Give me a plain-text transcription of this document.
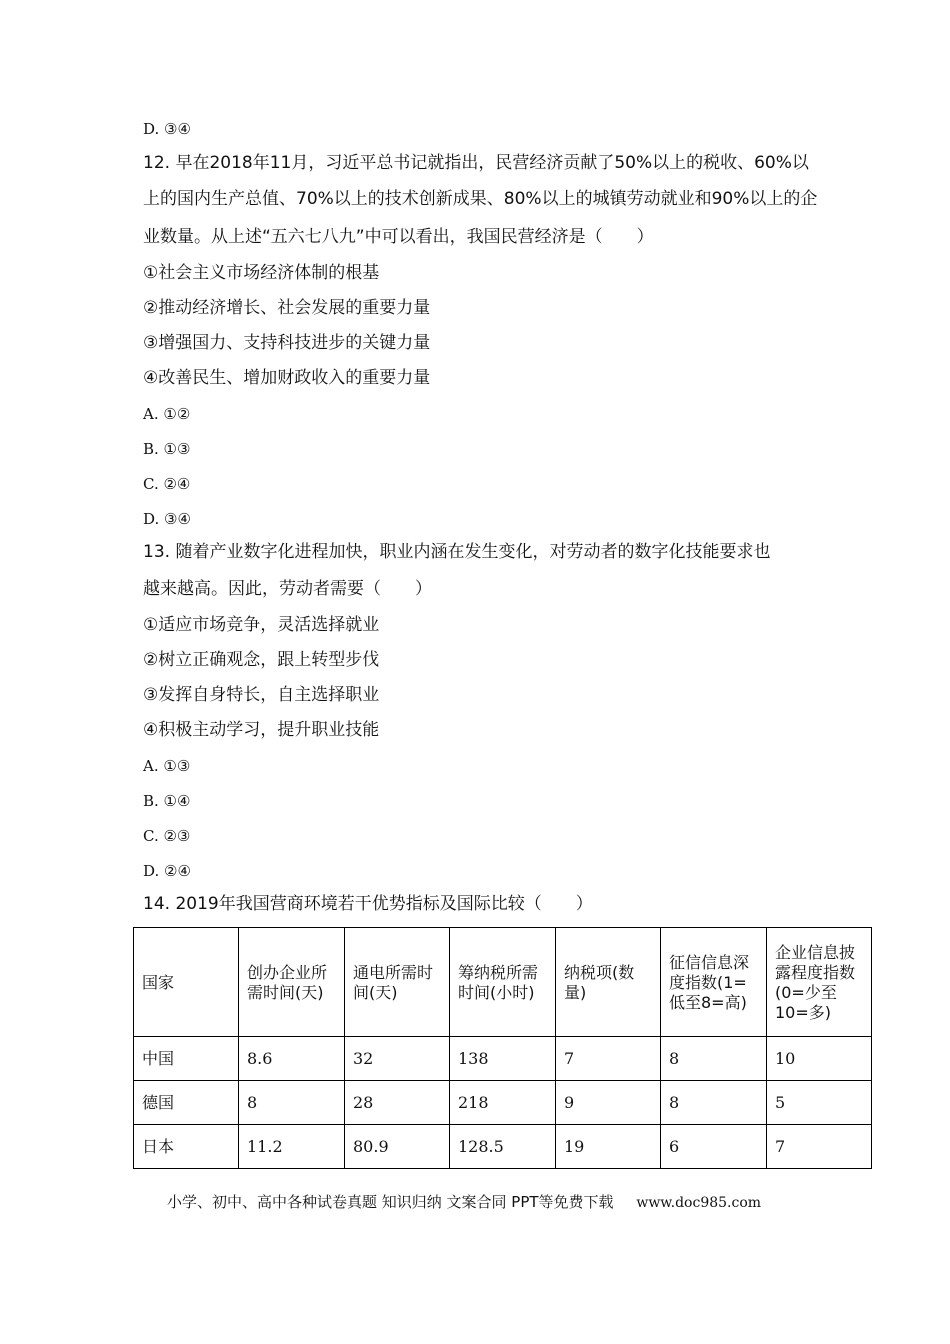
D. ③④
12. 早在2018年11月，习近平总书记就指出，民营经济贡献了50%以上的税收、60%以
上的国内生产总值、70%以上的技术创新成果、80%以上的城镇劳动就业和90%以上的企
业数量。从上述“五六七八九”中可以看出，我国民营经济是（　　）
①社会主义市场经济体制的根基
②推动经济增长、社会发展的重要力量
③增强国力、支持科技进步的关键力量
④改善民生、增加财政收入的重要力量
A. ①②
B. ①③
C. ②④
D. ③④
13. 随着产业数字化进程加快，职业内涵在发生变化，对劳动者的数字化技能要求也
越来越高。因此，劳动者需要（　　）
①适应市场竞争，灵活选择就业
②树立正确观念，跟上转型步伐
③发挥自身特长，自主选择职业
④积极主动学习，提升职业技能
A. ①③
B. ①④
C. ②③
D. ②④
14. 2019年我国营商环境若干优势指标及国际比较（　　）
国家	创办企业所需时间(天)	通电所需时间(天)	筹纳税所需时间(小时)	纳税项(数量)	征信信息深度指数(1=低至8=高)	企业信息披露程度指数(0=少至10=多)
中国	8.6	32	138	7	8	10
德国	8	28	218	9	8	5
日本	11.2	80.9	128.5	19	6	7
小学、初中、高中各种试卷真题 知识归纳 文案合同 PPT等免费下载 www.doc985.com
